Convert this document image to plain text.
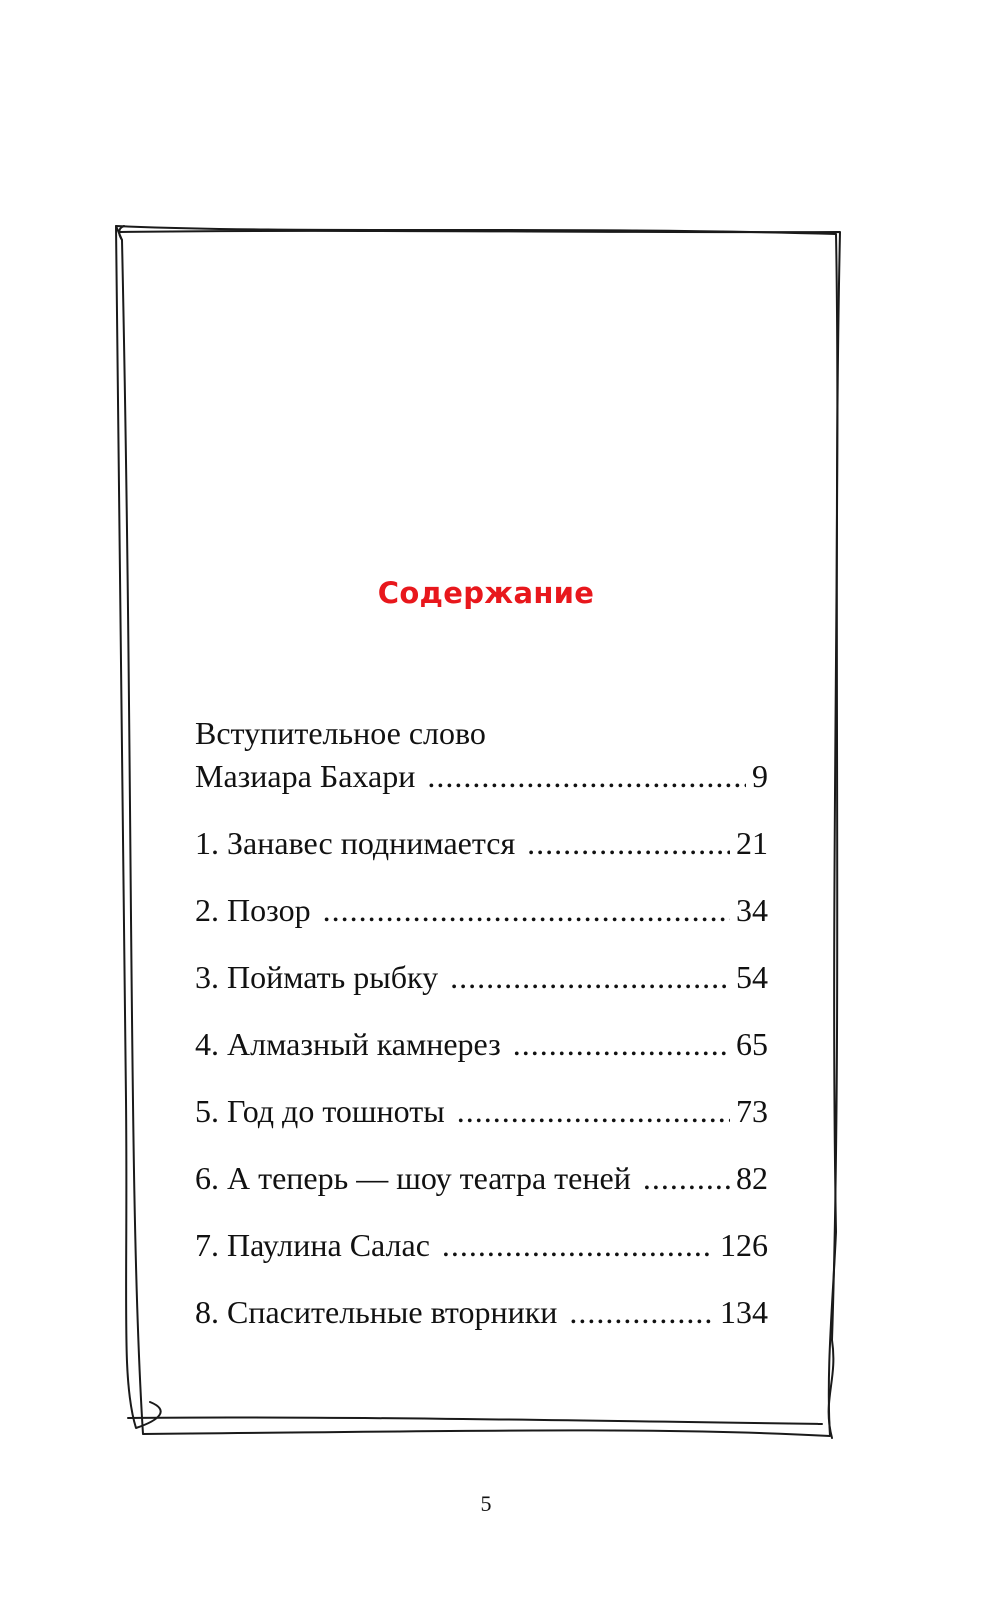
Содержание
Вступительное слово
Мазиара Бахари .....	9
1. Занавес поднимается .....	21
2. Позор .....	34
3. Поймать рыбку .....	54
4. Алмазный камнерез .....	65
5. Год до тошноты .....	73
6. А теперь — шоу театра теней .....	82
7. Паулина Салас .....	126
8. Спасительные вторники .....	134

5
